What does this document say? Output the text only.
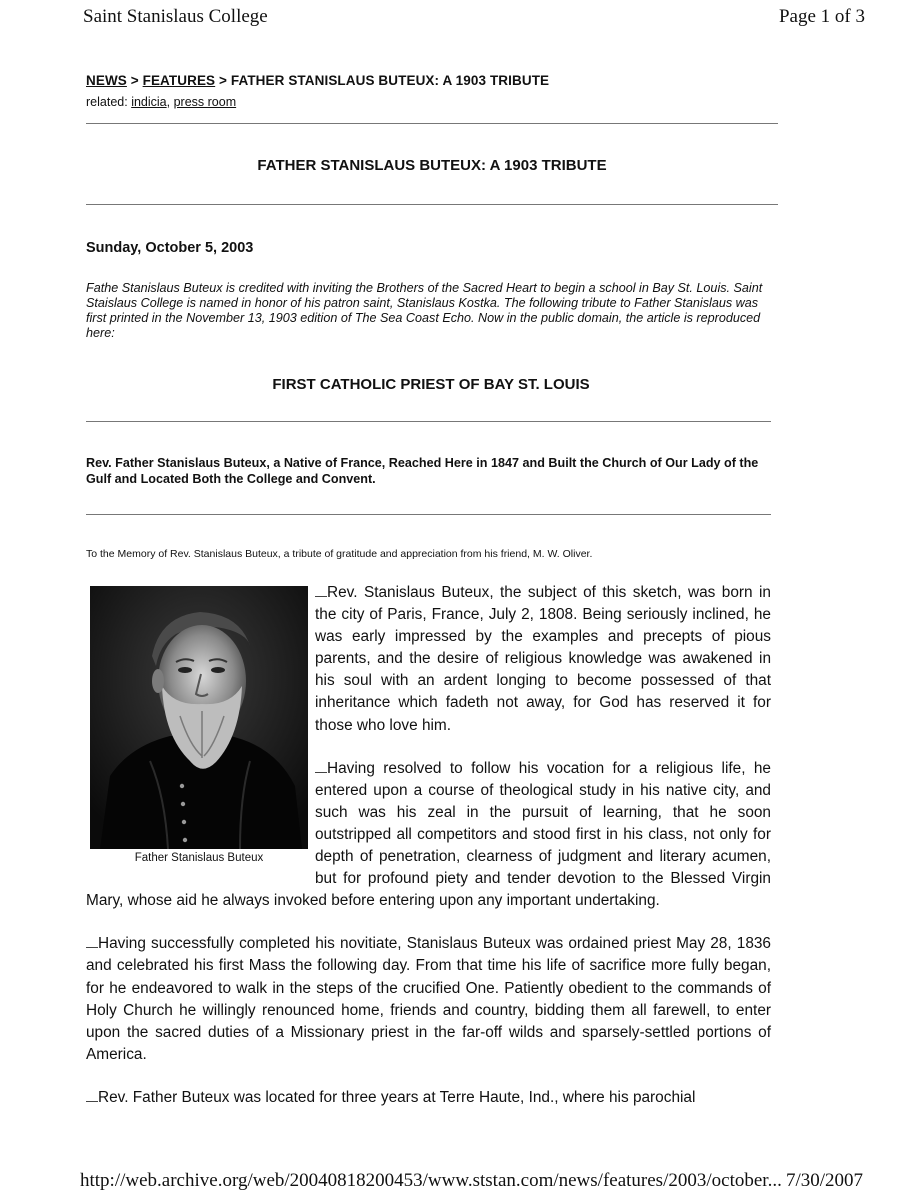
Saint Stanislaus College	Page 1 of 3
NEWS > FEATURES > FATHER STANISLAUS BUTEUX: A 1903 TRIBUTE
related: indicia, press room
FATHER STANISLAUS BUTEUX: A 1903 TRIBUTE
Sunday, October 5, 2003
Fathe Stanislaus Buteux is credited with inviting the Brothers of the Sacred Heart to begin a school in Bay St. Louis. Saint Staislaus College is named in honor of his patron saint, Stanislaus Kostka. The following tribute to Father Stanislaus was first printed in the November 13, 1903 edition of The Sea Coast Echo. Now in the public domain, the article is reproduced here:
FIRST CATHOLIC PRIEST OF BAY ST. LOUIS
Rev. Father Stanislaus Buteux, a Native of France, Reached Here in 1847 and Built the Church of Our Lady of the Gulf and Located Both the College and Convent.
To the Memory of Rev. Stanislaus Buteux, a tribute of gratitude and appreciation from his friend, M. W. Oliver.

Rev. Stanislaus Buteux, the subject of this sketch, was born in the city of Paris, France, July 2, 1808. Being seriously inclined, he was early impressed by the examples and precepts of pious parents, and the desire of religious knowledge was awakened in his soul with an ardent longing to become possessed of that inheritance which fadeth not away, for God has reserved it for those who love him.

Having resolved to follow his vocation for a religious life, he entered upon a course of theological study in his native city, and such was his zeal in the pursuit of learning, that he soon outstripped all competitors and stood first in his class, not only for depth of penetration, clearness of judgment and literary acumen, but for profound piety and tender devotion to the Blessed Virgin Mary, whose aid he always invoked before entering upon any important undertaking.

Having successfully completed his novitiate, Stanislaus Buteux was ordained priest May 28, 1836 and celebrated his first Mass the following day. From that time his life of sacrifice more fully began, for he endeavored to walk in the steps of the crucified One. Patiently obedient to the commands of Holy Church he willingly renounced home, friends and country, bidding them all farewell, to enter upon the sacred duties of a Missionary priest in the far-off wilds and sparsely-settled portions of America.

Rev. Father Buteux was located for three years at Terre Haute, Ind., where his parochial

Father Stanislaus Buteux
http://web.archive.org/web/20040818200453/www.ststan.com/news/features/2003/october... 7/30/2007
